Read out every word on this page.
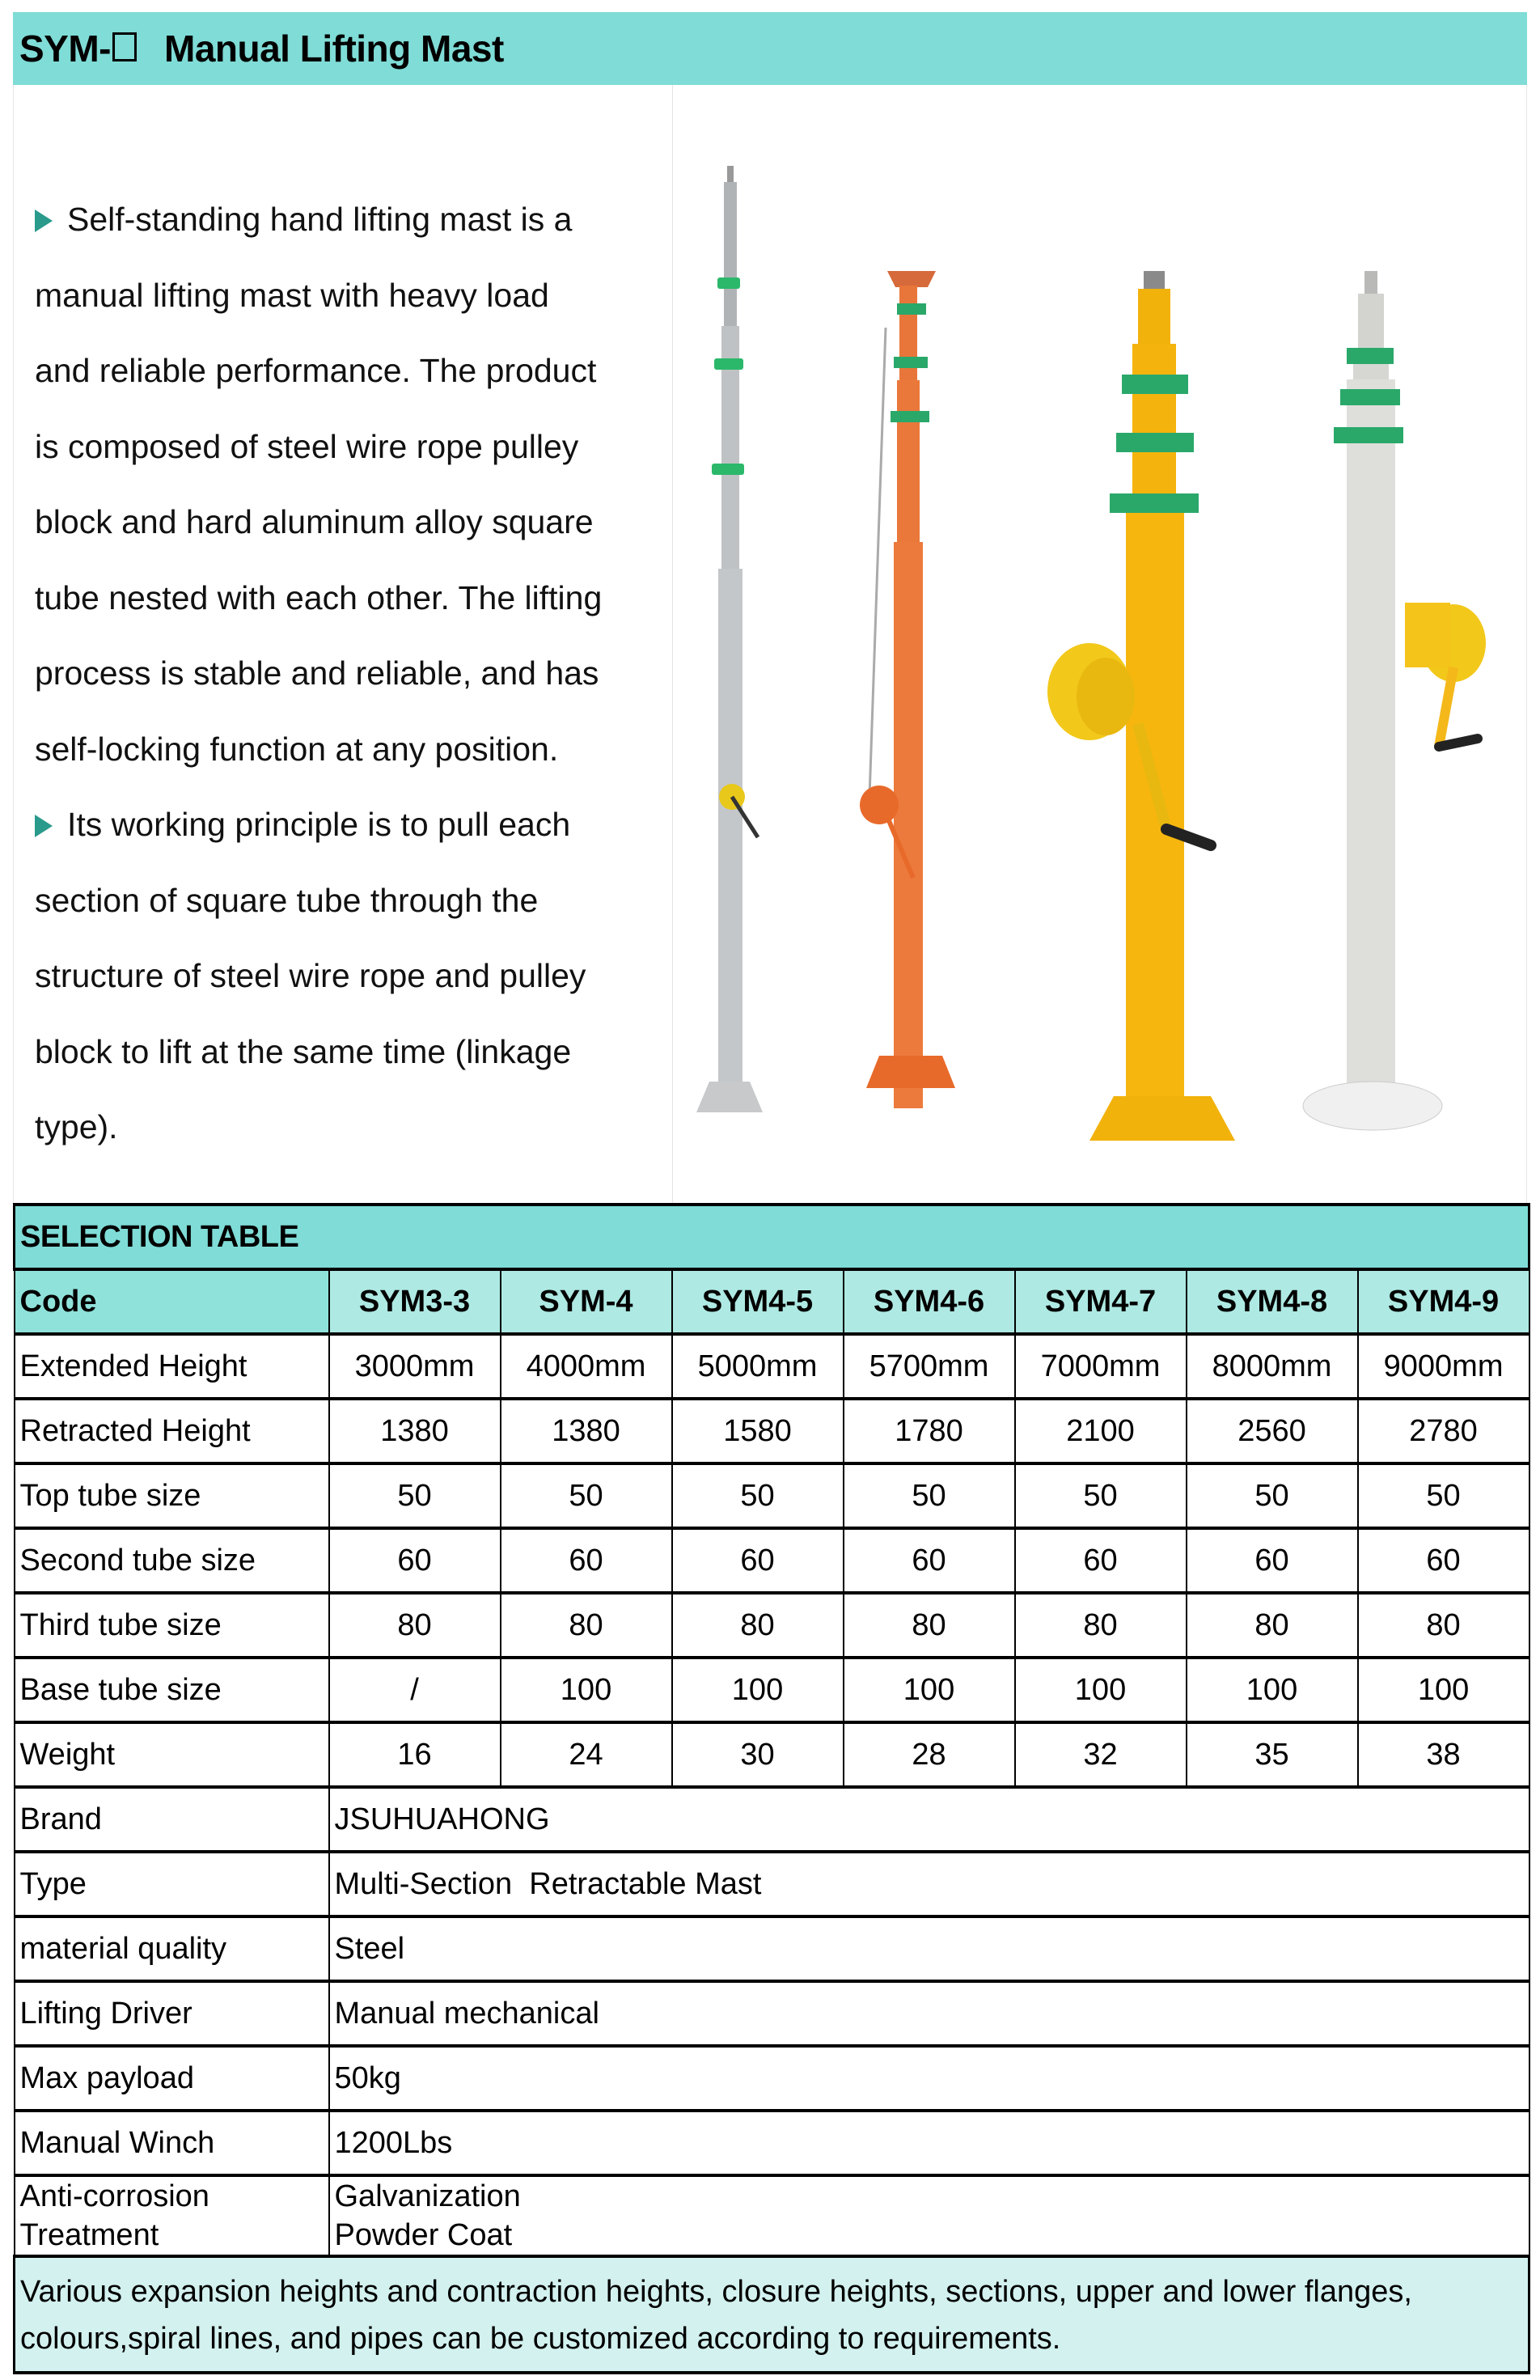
SYM- Manual Lifting Mast

Self-standing hand lifting mast is a
manual lifting mast with heavy load
and reliable performance. The product
is composed of steel wire rope pulley
block and hard aluminum alloy square
tube nested with each other. The lifting
process is stable and reliable, and has
self-locking function at any position.

Its working principle is to pull each
section of square tube through the
structure of steel wire rope and pulley
block to lift at the same time (linkage
type).

SELECTION TABLE							
Code	SYM3-3	SYM-4	SYM4-5	SYM4-6	SYM4-7	SYM4-8	SYM4-9
Extended Height	3000mm	4000mm	5000mm	5700mm	7000mm	8000mm	9000mm
Retracted Height	1380	1380	1580	1780	2100	2560	2780
Top tube size	50	50	50	50	50	50	50
Second tube size	60	60	60	60	60	60	60
Third tube size	80	80	80	80	80	80	80
Base tube size	/	100	100	100	100	100	100
Weight	16	24	30	28	32	35	38
Brand	JSUHUAHONG						
Type	Multi-Section  Retractable Mast						
material quality	Steel						
Lifting Driver	Manual mechanical						
Max payload	50kg						
Manual Winch	1200Lbs						
Anti-corrosion
Treatment	Galvanization
Powder Coat						
Various expansion heights and contraction heights, closure heights, sections, upper and lower flanges, colours,spiral lines, and pipes can be customized according to requirements.							
